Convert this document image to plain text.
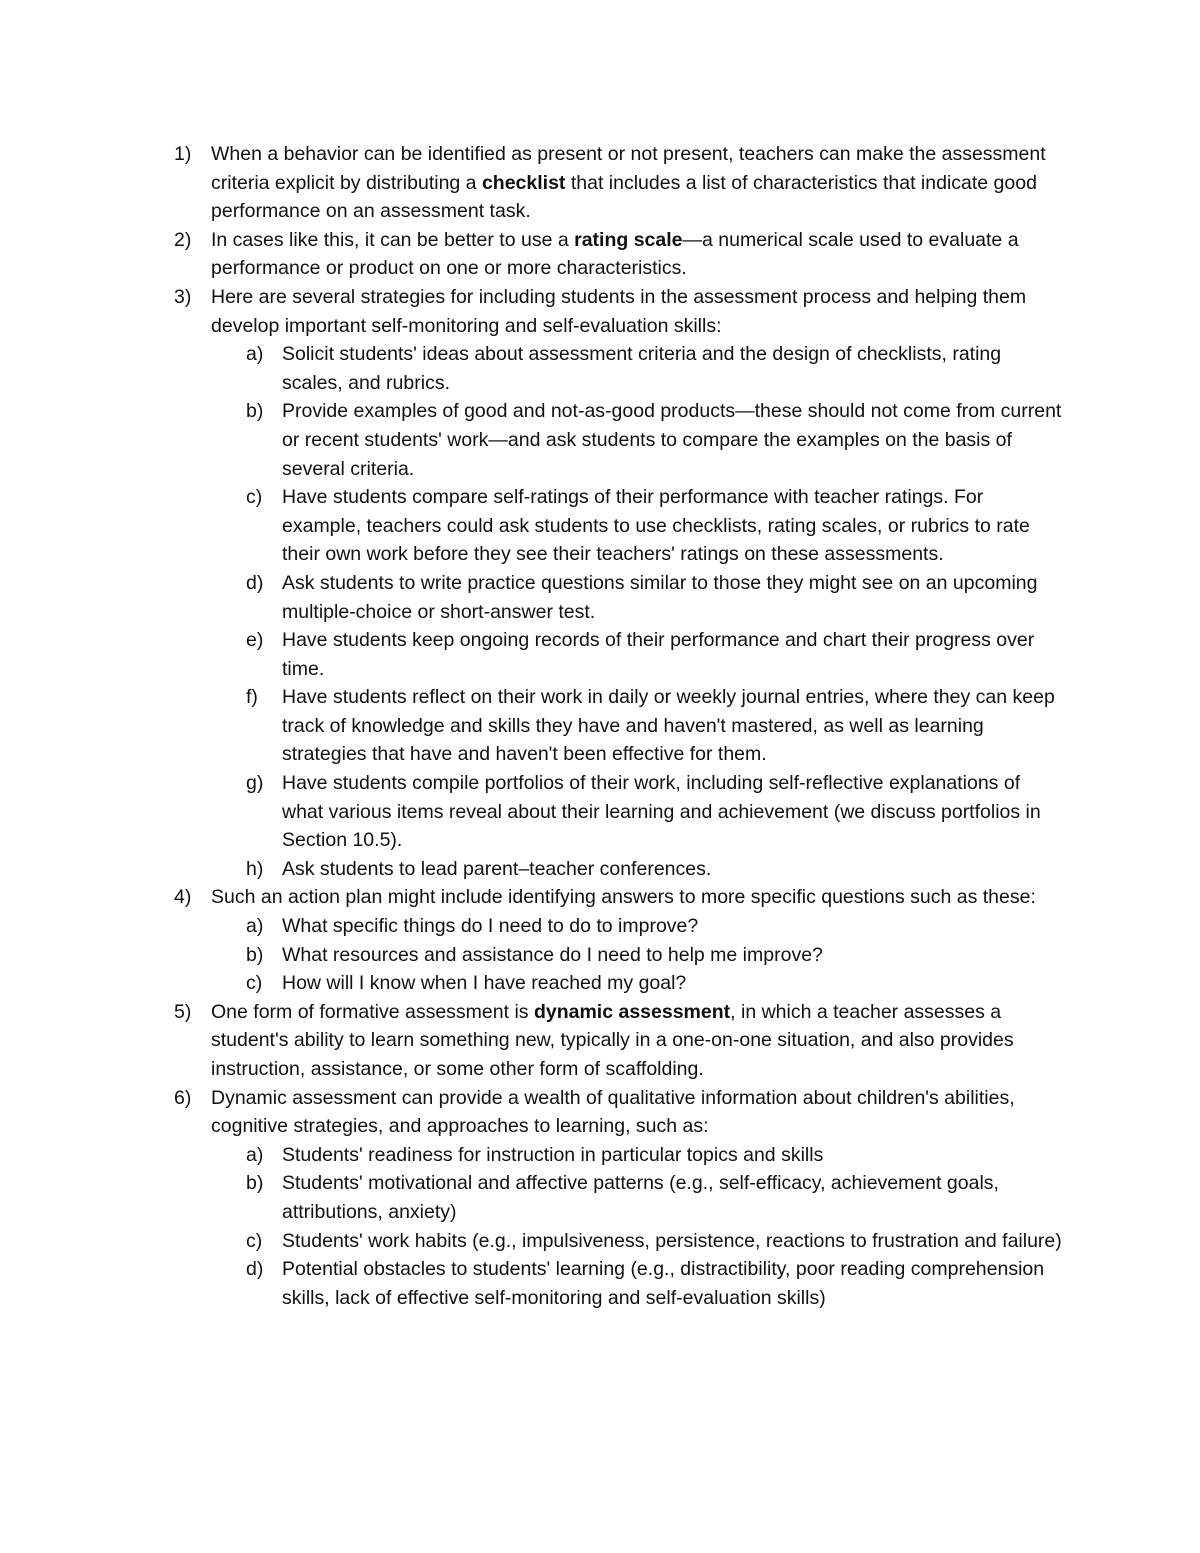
1) When a behavior can be identified as present or not present, teachers can make the assessment criteria explicit by distributing a checklist that includes a list of characteristics that indicate good performance on an assessment task.
2) In cases like this, it can be better to use a rating scale—a numerical scale used to evaluate a performance or product on one or more characteristics.
3) Here are several strategies for including students in the assessment process and helping them develop important self-monitoring and self-evaluation skills:
a) Solicit students' ideas about assessment criteria and the design of checklists, rating scales, and rubrics.
b) Provide examples of good and not-as-good products—these should not come from current or recent students' work—and ask students to compare the examples on the basis of several criteria.
c) Have students compare self-ratings of their performance with teacher ratings. For example, teachers could ask students to use checklists, rating scales, or rubrics to rate their own work before they see their teachers' ratings on these assessments.
d) Ask students to write practice questions similar to those they might see on an upcoming multiple-choice or short-answer test.
e) Have students keep ongoing records of their performance and chart their progress over time.
f) Have students reflect on their work in daily or weekly journal entries, where they can keep track of knowledge and skills they have and haven't mastered, as well as learning strategies that have and haven't been effective for them.
g) Have students compile portfolios of their work, including self-reflective explanations of what various items reveal about their learning and achievement (we discuss portfolios in Section 10.5).
h) Ask students to lead parent–teacher conferences.
4) Such an action plan might include identifying answers to more specific questions such as these:
a) What specific things do I need to do to improve?
b) What resources and assistance do I need to help me improve?
c) How will I know when I have reached my goal?
5) One form of formative assessment is dynamic assessment, in which a teacher assesses a student's ability to learn something new, typically in a one-on-one situation, and also provides instruction, assistance, or some other form of scaffolding.
6) Dynamic assessment can provide a wealth of qualitative information about children's abilities, cognitive strategies, and approaches to learning, such as:
a) Students' readiness for instruction in particular topics and skills
b) Students' motivational and affective patterns (e.g., self-efficacy, achievement goals, attributions, anxiety)
c) Students' work habits (e.g., impulsiveness, persistence, reactions to frustration and failure)
d) Potential obstacles to students' learning (e.g., distractibility, poor reading comprehension skills, lack of effective self-monitoring and self-evaluation skills)
